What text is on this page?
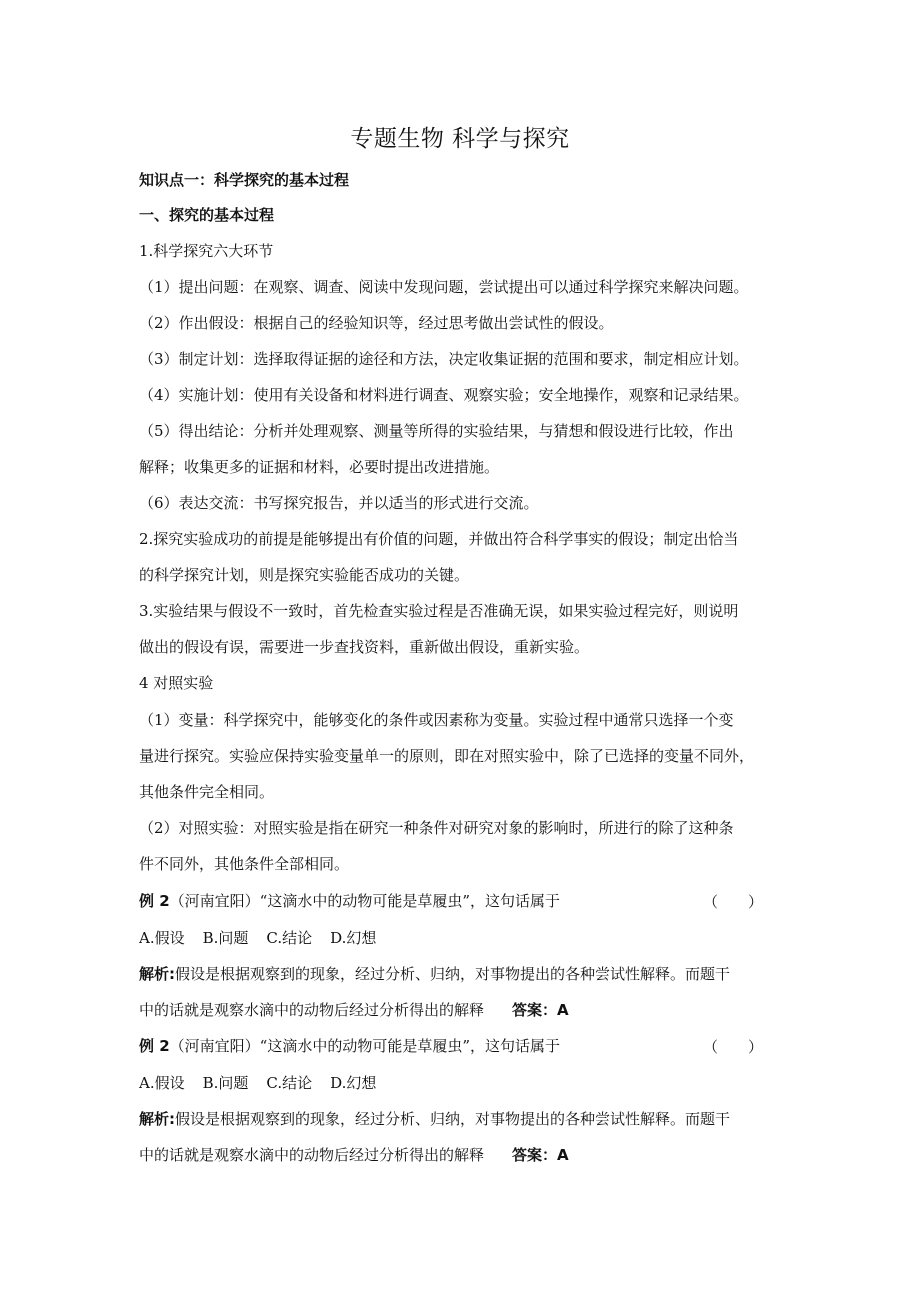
专题生物 科学与探究
知识点一：科学探究的基本过程
一、探究的基本过程
1.科学探究六大环节
（1）提出问题：在观察、调查、阅读中发现问题，尝试提出可以通过科学探究来解决问题。
（2）作出假设：根据自己的经验知识等，经过思考做出尝试性的假设。
（3）制定计划：选择取得证据的途径和方法，决定收集证据的范围和要求，制定相应计划。
（4）实施计划：使用有关设备和材料进行调查、观察实验；安全地操作，观察和记录结果。
（5）得出结论：分析并处理观察、测量等所得的实验结果，与猜想和假设进行比较，作出
解释；收集更多的证据和材料，必要时提出改进措施。
（6）表达交流：书写探究报告，并以适当的形式进行交流。
2.探究实验成功的前提是能够提出有价值的问题，并做出符合科学事实的假设；制定出恰当
的科学探究计划，则是探究实验能否成功的关键。
3.实验结果与假设不一致时，首先检查实验过程是否准确无误，如果实验过程完好，则说明
做出的假设有误，需要进一步查找资料，重新做出假设，重新实验。
4 对照实验
（1）变量：科学探究中，能够变化的条件或因素称为变量。实验过程中通常只选择一个变
量进行探究。实验应保持实验变量单一的原则，即在对照实验中，除了已选择的变量不同外，
其他条件完全相同。
（2）对照实验：对照实验是指在研究一种条件对研究对象的影响时，所进行的除了这种条
件不同外，其他条件全部相同。
例 2（河南宜阳）“这滴水中的动物可能是草履虫”，这句话属于	（　　）
A.假设 B.问题 C.结论 D.幻想
解析:假设是根据观察到的现象，经过分析、归纳，对事物提出的各种尝试性解释。而题干
中的话就是观察水滴中的动物后经过分析得出的解释 答案：A
例 2（河南宜阳）“这滴水中的动物可能是草履虫”，这句话属于	（　　）
A.假设 B.问题 C.结论 D.幻想
解析:假设是根据观察到的现象，经过分析、归纳，对事物提出的各种尝试性解释。而题干
中的话就是观察水滴中的动物后经过分析得出的解释 答案：A
